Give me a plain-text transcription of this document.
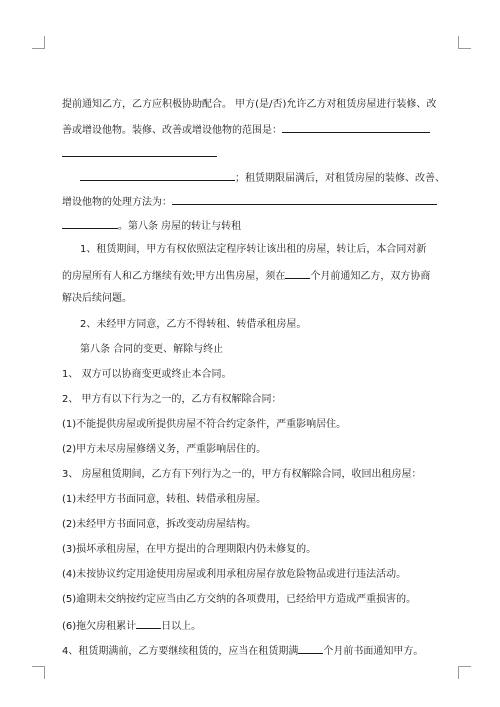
提前通知乙方，乙方应积极协助配合。 甲方(是/否)允许乙方对租赁房屋进行装修、改
善或增设他物。装修、改善或增设他物的范围是：
；租赁期限届满后，对租赁房屋的装修、改善、
增设他物的处理方法为：
。第八条 房屋的转让与转租
1、租赁期间，甲方有权依照法定程序转让该出租的房屋，转让后，本合同对新
的房屋所有人和乙方继续有效;甲方出售房屋，须在	个月前通知乙方，双方协商
解决后续问题。
2、未经甲方同意，乙方不得转租、转借承租房屋。
第八条 合同的变更、解除与终止
1、 双方可以协商变更或终止本合同。
2、 甲方有以下行为之一的，乙方有权解除合同：
(1)不能提供房屋或所提供房屋不符合约定条件，严重影响居住。
(2)甲方未尽房屋修缮义务，严重影响居住的。
3、 房屋租赁期间，乙方有下列行为之一的，甲方有权解除合同，收回出租房屋：
(1)未经甲方书面同意，转租、转借承租房屋。
(2)未经甲方书面同意，拆改变动房屋结构。
(3)损坏承租房屋，在甲方提出的合理期限内仍未修复的。
(4)未按协议约定用途使用房屋或利用承租房屋存放危险物品或进行违法活动。
(5)逾期未交纳按约定应当由乙方交纳的各项费用，已经给甲方造成严重损害的。
(6)拖欠房租累计	日以上。
4、租赁期满前，乙方要继续租赁的，应当在租赁期满	个月前书面通知甲方。
